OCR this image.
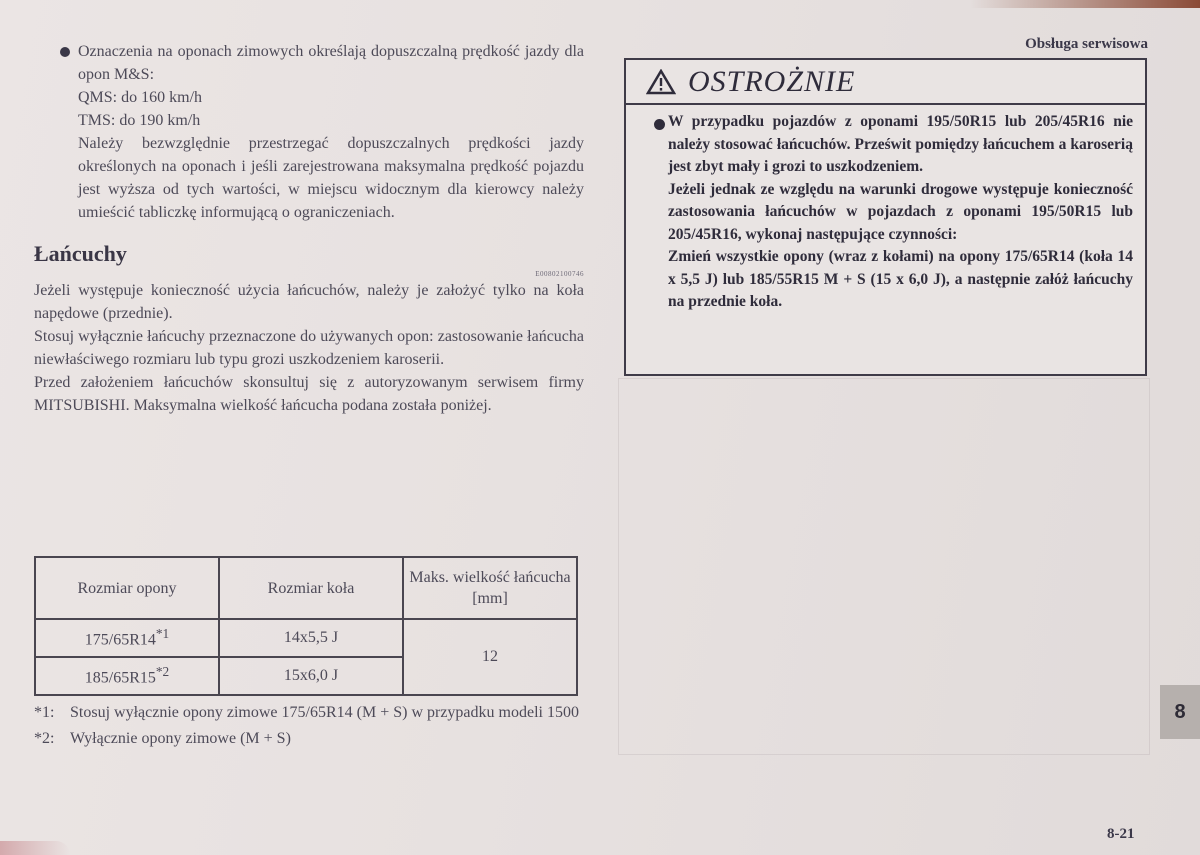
Obsługa serwisowa

Oznaczenia na oponach zimowych określają dopuszczalną prędkość jazdy dla opon M&S:

QMS: do 160 km/h

TMS: do 190 km/h

Należy bezwzględnie przestrzegać dopuszczalnych prędkości jazdy określonych na oponach i jeśli zarejestrowana maksymalna prędkość pojazdu jest wyższa od tych wartości, w miejscu widocznym dla kierowcy należy umieścić tabliczkę informującą o ograniczeniach.

Łańcuchy
E00802100746

Jeżeli występuje konieczność użycia łańcuchów, należy je założyć tylko na koła napędowe (przednie).

Stosuj wyłącznie łańcuchy przeznaczone do używanych opon: zastosowanie łańcucha niewłaściwego rozmiaru lub typu grozi uszkodzeniem karoserii.

Przed założeniem łańcuchów skonsultuj się z autoryzowanym serwisem firmy MITSUBISHI. Maksymalna wielkość łańcucha podana została poniżej.

Rozmiar opony	Rozmiar koła	Maks. wielkość łańcucha [mm]
175/65R14$^{*1}$	14x5,5 J	12
185/65R15$^{*2}$	15x6,0 J	

*1: Stosuj wyłącznie opony zimowe 175/65R14 (M + S) w przypadku modeli 1500

*2: Wyłącznie opony zimowe (M + S)

OSTROŻNIE

W przypadku pojazdów z oponami 195/50R15 lub 205/45R16 nie należy stosować łańcuchów. Prześwit pomiędzy łańcuchem a karoserią jest zbyt mały i grozi to uszkodzeniem.

Jeżeli jednak ze względu na warunki drogowe występuje konieczność zastosowania łańcuchów w pojazdach z oponami 195/50R15 lub 205/45R16, wykonaj następujące czynności:

Zmień wszystkie opony (wraz z kołami) na opony 175/65R14 (koła 14 x 5,5 J) lub 185/55R15 M + S (15 x 6,0 J), a następnie załóż łańcuchy na przednie koła.

8
8-21
